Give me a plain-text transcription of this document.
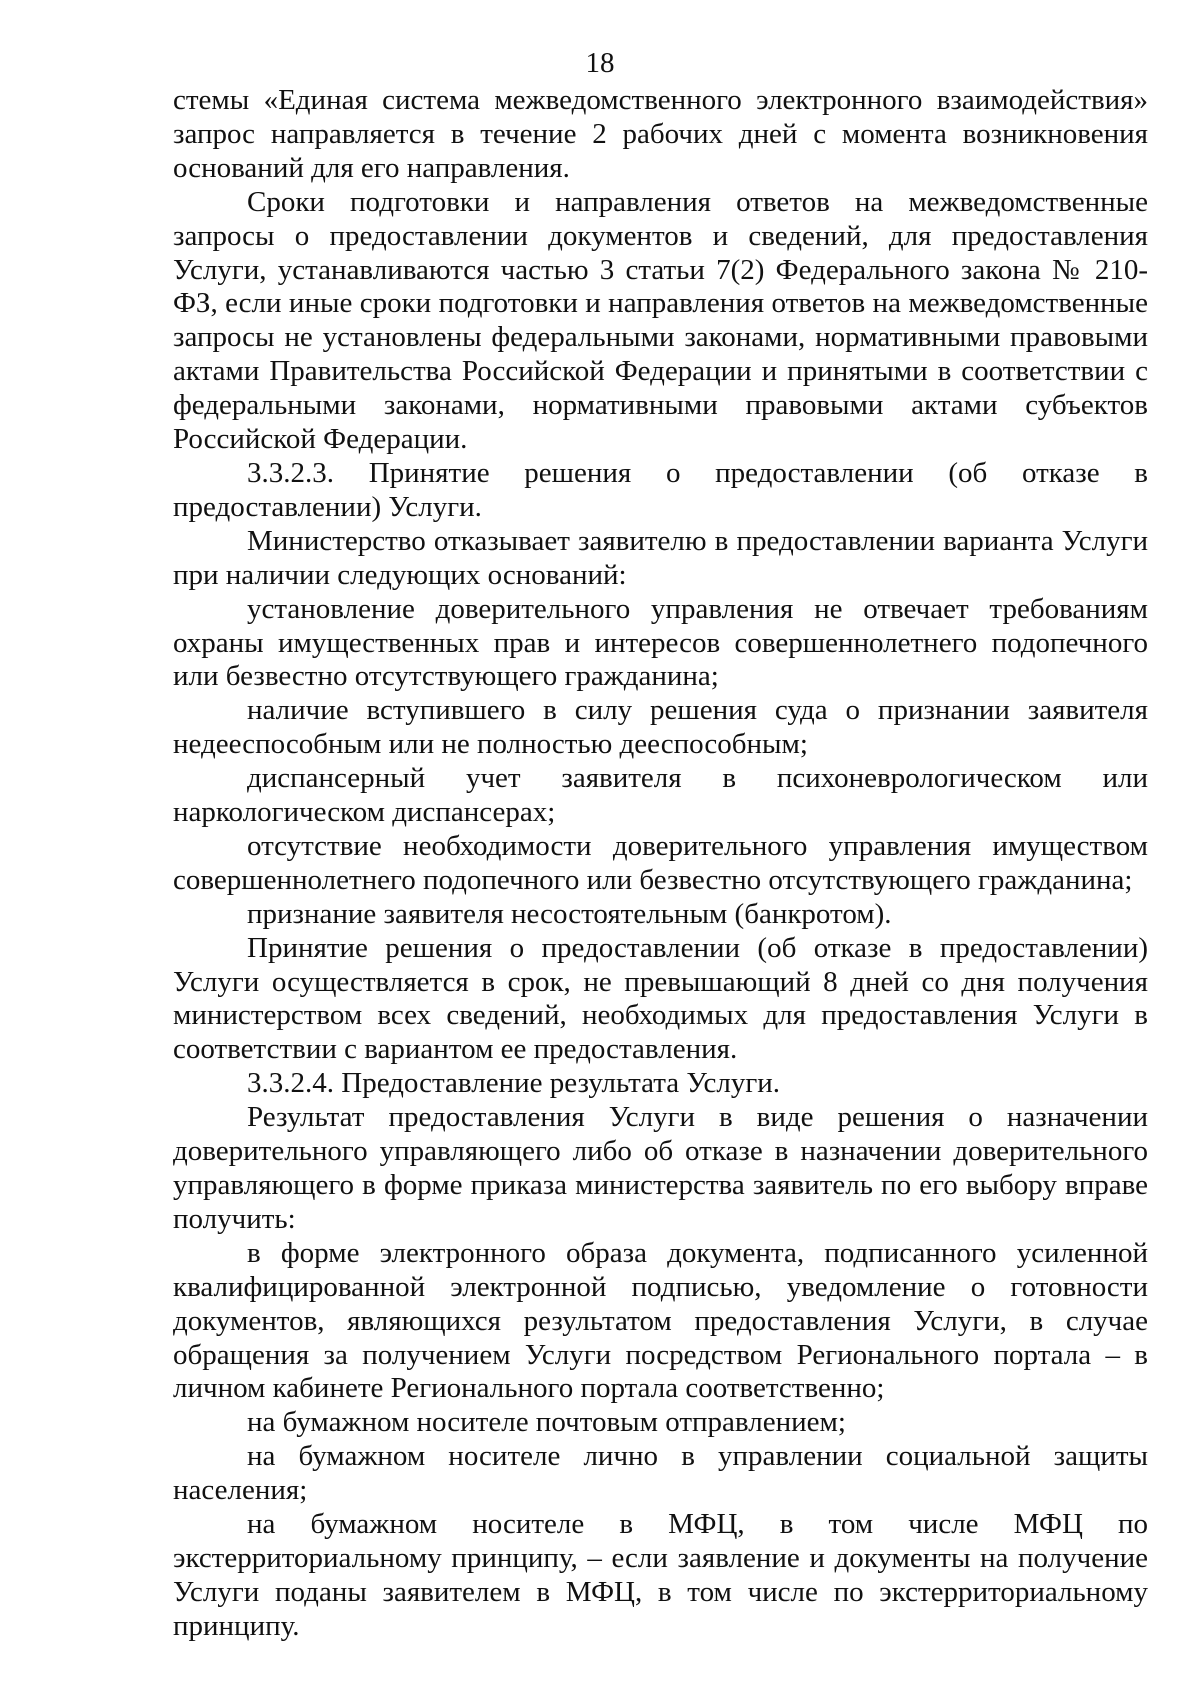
18

стемы «Единая система межведомственного электронного взаимодействия» запрос направляется в течение 2 рабочих дней с момента возникновения оснований для его направления.

Сроки подготовки и направления ответов на межведомственные запросы о предоставлении документов и сведений, для предоставления Услуги, устанавливаются частью 3 статьи 7(2) Федерального закона № 210-ФЗ, если иные сроки подготовки и направления ответов на межведомственные запросы не установлены федеральными законами, нормативными правовыми актами Правительства Российской Федерации и принятыми в соответствии с федеральными законами, нормативными правовыми актами субъектов Российской Федерации.

3.3.2.3. Принятие решения о предоставлении (об отказе в предоставлении) Услуги.

Министерство отказывает заявителю в предоставлении варианта Услуги при наличии следующих оснований:

установление доверительного управления не отвечает требованиям охраны имущественных прав и интересов совершеннолетнего подопечного или безвестно отсутствующего гражданина;

наличие вступившего в силу решения суда о признании заявителя недееспособным или не полностью дееспособным;

диспансерный учет заявителя в психоневрологическом или наркологическом диспансерах;

отсутствие необходимости доверительного управления имуществом совершеннолетнего подопечного или безвестно отсутствующего гражданина;

признание заявителя несостоятельным (банкротом).

Принятие решения о предоставлении (об отказе в предоставлении) Услуги осуществляется в срок, не превышающий 8 дней со дня получения министерством всех сведений, необходимых для предоставления Услуги в соответствии с вариантом ее предоставления.

3.3.2.4. Предоставление результата Услуги.

Результат предоставления Услуги в виде решения о назначении доверительного управляющего либо об отказе в назначении доверительного управляющего в форме приказа министерства заявитель по его выбору вправе получить:

в форме электронного образа документа, подписанного усиленной квалифицированной электронной подписью, уведомление о готовности документов, являющихся результатом предоставления Услуги, в случае обращения за получением Услуги посредством Регионального портала – в личном кабинете Регионального портала соответственно;

на бумажном носителе почтовым отправлением;

на бумажном носителе лично в управлении социальной защиты населения;

на бумажном носителе в МФЦ, в том числе МФЦ по экстерриториальному принципу, – если заявление и документы на получение Услуги поданы заявителем в МФЦ, в том числе по экстерриториальному принципу.
